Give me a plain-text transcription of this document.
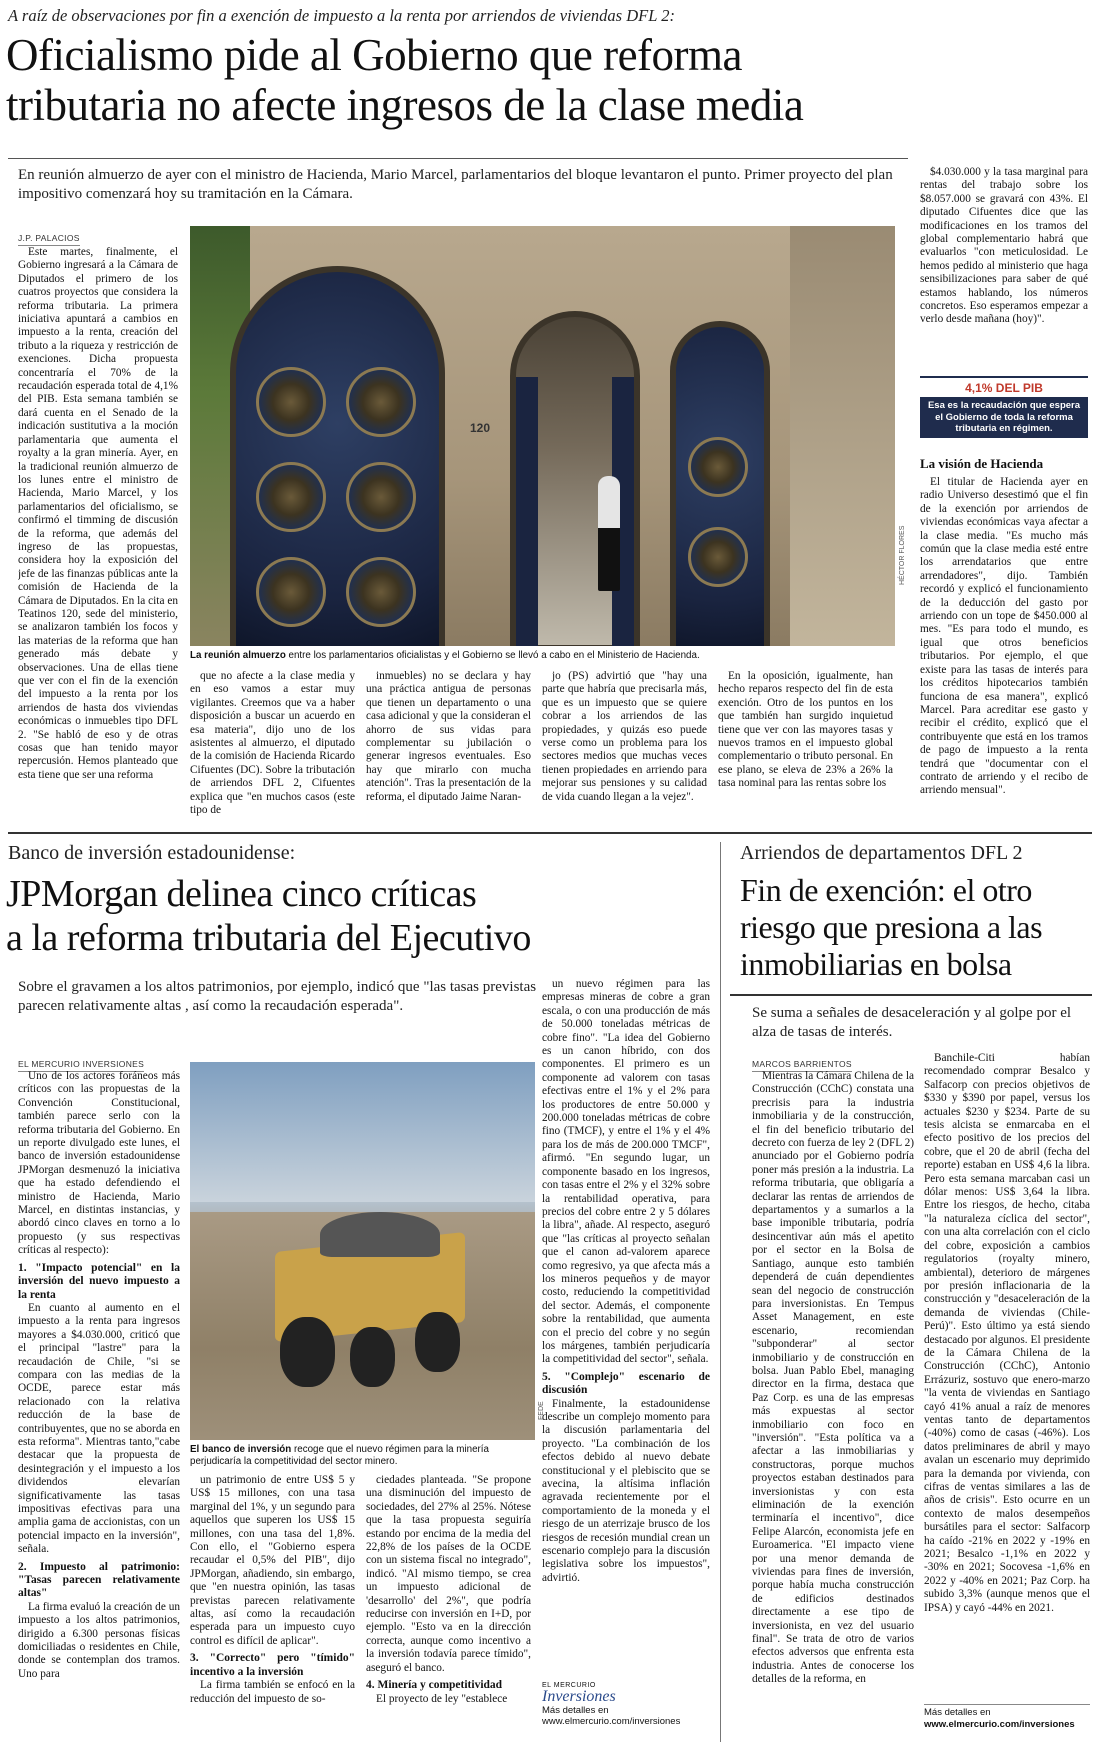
A raíz de observaciones por fin a exención de impuesto a la renta por arriendos de viviendas DFL 2:
Oficialismo pide al Gobierno que reforma
tributaria no afecte ingresos de la clase media
En reunión almuerzo de ayer con el ministro de Hacienda, Mario Marcel, parlamentarios del bloque levantaron el punto. Primer proyecto del plan impositivo comenzará hoy su tramitación en la Cámara.
J.P. PALACIOS
120
HÉCTOR FLORES
La reunión almuerzo entre los parlamentarios oficialistas y el Gobierno se llevó a cabo en el Ministerio de Hacienda.

Este martes, finalmente, el Gobierno ingresará a la Cámara de Diputados el primero de los cuatros proyectos que considera la reforma tributaria. La primera iniciativa apuntará a cambios en impuesto a la renta, creación del tributo a la riqueza y restricción de exenciones. Dicha propuesta concentraría el 70% de la recaudación esperada total de 4,1% del PIB. Esta semana también se dará cuenta en el Senado de la indicación sustitutiva a la moción parlamentaria que aumenta el royalty a la gran minería. Ayer, en la tradicional reunión almuerzo de los lunes entre el ministro de Hacienda, Mario Marcel, y los parlamentarios del oficialismo, se confirmó el timming de discusión de la reforma, que además del ingreso de las propuestas, considera hoy la exposición del jefe de las finanzas públicas ante la comisión de Hacienda de la Cámara de Diputados. En la cita en Teatinos 120, sede del ministerio, se analizaron también los focos y las materias de la reforma que han generado más debate y observaciones. Una de ellas tiene que ver con el fin de la exención del impuesto a la renta por los arriendos de hasta dos viviendas económicas o inmuebles tipo DFL 2. "Se habló de eso y de otras cosas que han tenido mayor repercusión. Hemos planteado que esta tiene que ser una reforma

que no afecte a la clase media y en eso vamos a estar muy vigilantes. Creemos que va a haber disposición a buscar un acuerdo en esa materia", dijo uno de los asistentes al almuerzo, el diputado de la comisión de Hacienda Ricardo Cifuentes (DC). Sobre la tributación de arriendos DFL 2, Cifuentes explica que "en muchos casos (este tipo de

inmuebles) no se declara y hay una práctica antigua de personas que tienen un departamento o una casa adicional y que la consideran el ahorro de sus vidas para complementar su jubilación o generar ingresos eventuales. Eso hay que mirarlo con mucha atención". Tras la presentación de la reforma, el diputado Jaime Naran-

jo (PS) advirtió que "hay una parte que habría que precisarla más, que es un impuesto que se quiere cobrar a los arriendos de las propiedades, y quizás eso puede verse como un problema para los sectores medios que muchas veces tienen propiedades en arriendo para mejorar sus pensiones y su calidad de vida cuando llegan a la vejez".

En la oposición, igualmente, han hecho reparos respecto del fin de esta exención. Otro de los puntos en los que también han surgido inquietud tiene que ver con las mayores tasas y nuevos tramos en el impuesto global complementario o tributo personal. En ese plano, se eleva de 23% a 26% la tasa nominal para las rentas sobre los

$4.030.000 y la tasa marginal para rentas del trabajo sobre los $8.057.000 se gravará con 43%. El diputado Cifuentes dice que las modificaciones en los tramos del global complementario habrá que evaluarlos "con meticulosidad. Le hemos pedido al ministerio que haga sensibilizaciones para saber de qué estamos hablando, los números concretos. Eso esperamos empezar a verlo desde mañana (hoy)".

4,1% DEL PIB
Esa es la recaudación que espera el Gobierno de toda la reforma tributaria en régimen.
La visión de Hacienda

El titular de Hacienda ayer en radio Universo desestimó que el fin de la exención por arriendos de viviendas económicas vaya afectar a la clase media. "Es mucho más común que la clase media esté entre los arrendatarios que entre arrendadores", dijo. También recordó y explicó el funcionamiento de la deducción del gasto por arriendo con un tope de $450.000 al mes. "Es para todo el mundo, es igual que otros beneficios tributarios. Por ejemplo, el que existe para las tasas de interés para los créditos hipotecarios también funciona de esa manera", explicó Marcel. Para acreditar ese gasto y recibir el crédito, explicó que el contribuyente que está en los tramos de pago de impuesto a la renta tendrá que "documentar con el contrato de arriendo y el recibo de arriendo mensual".

Banco de inversión estadounidense:
JPMorgan delinea cinco críticas
a la reforma tributaria del Ejecutivo
Sobre el gravamen a los altos patrimonios, por ejemplo, indicó que "las tasas previstas parecen relativamente altas , así como la recaudación esperada".
EL MERCURIO INVERSIONES
FEDE
El banco de inversión recoge que el nuevo régimen para la minería perjudicaría la competitividad del sector minero.

Uno de los actores foráneos más críticos con las propuestas de la Convención Constitucional, también parece serlo con la reforma tributaria del Gobierno. En un reporte divulgado este lunes, el banco de inversión estadounidense JPMorgan desmenuzó la iniciativa que ha estado defendiendo el ministro de Hacienda, Mario Marcel, en distintas instancias, y abordó cinco claves en torno a lo propuesto (y sus respectivas críticas al respecto):

1. "Impacto potencial" en la inversión del nuevo impuesto a la renta

En cuanto al aumento en el impuesto a la renta para ingresos mayores a $4.030.000, criticó que el principal "lastre" para la recaudación de Chile, "si se compara con las medias de la OCDE, parece estar más relacionado con la relativa reducción de la base de contribuyentes, que no se aborda en esta reforma". Mientras tanto,"cabe destacar que la propuesta de desintegración y el impuesto a los dividendos elevarían significativamente las tasas impositivas efectivas para una amplia gama de accionistas, con un potencial impacto en la inversión", señala.

2. Impuesto al patrimonio: "Tasas parecen relativamente altas"

La firma evaluó la creación de un impuesto a los altos patrimonios, dirigido a 6.300 personas físicas domiciliadas o residentes en Chile, donde se contemplan dos tramos. Uno para

un patrimonio de entre US$ 5 y US$ 15 millones, con una tasa marginal del 1%, y un segundo para aquellos que superen los US$ 15 millones, con una tasa del 1,8%. Con ello, el "Gobierno espera recaudar el 0,5% del PIB", dijo JPMorgan, añadiendo, sin embargo, que "en nuestra opinión, las tasas previstas parecen relativamente altas, así como la recaudación esperada para un impuesto cuyo control es difícil de aplicar".

3. "Correcto" pero "tímido" incentivo a la inversión

La firma también se enfocó en la reducción del impuesto de so-

ciedades planteada. "Se propone una disminución del impuesto de sociedades, del 27% al 25%. Nótese que la tasa propuesta seguiría estando por encima de la media del 22,8% de los países de la OCDE con un sistema fiscal no integrado", indicó. "Al mismo tiempo, se crea un impuesto adicional de 'desarrollo' del 2%", que podría reducirse con inversión en I+D, por ejemplo. "Esto va en la dirección correcta, aunque como incentivo a la inversión todavía parece tímido", aseguró el banco.

4. Minería y competitividad

El proyecto de ley "establece

un nuevo régimen para las empresas mineras de cobre a gran escala, o con una producción de más de 50.000 toneladas métricas de cobre fino". "La idea del Gobierno es un canon híbrido, con dos componentes. El primero es un componente ad valorem con tasas efectivas entre el 1% y el 2% para los productores de entre 50.000 y 200.000 toneladas métricas de cobre fino (TMCF), y entre el 1% y el 4% para los de más de 200.000 TMCF", afirmó. "En segundo lugar, un componente basado en los ingresos, con tasas entre el 2% y el 32% sobre la rentabilidad operativa, para precios del cobre entre 2 y 5 dólares la libra", añade. Al respecto, aseguró que "las críticas al proyecto señalan que el canon ad-valorem aparece como regresivo, ya que afecta más a los mineros pequeños y de mayor costo, reduciendo la competitividad del sector. Además, el componente sobre la rentabilidad, que aumenta con el precio del cobre y no según los márgenes, también perjudicaría la competitividad del sector", señala.

5. "Complejo" escenario de discusión

Finalmente, la estadounidense describe un complejo momento para la discusión parlamentaria del proyecto. "La combinación de los efectos debido al nuevo debate constitucional y el plebiscito que se avecina, la altísima inflación agravada recientemente por el comportamiento de la moneda y el riesgo de un aterrizaje brusco de los riesgos de recesión mundial crean un escenario complejo para la discusión legislativa sobre los impuestos", advirtió.

EL MERCURIO
Inversiones
Más detalles en
www.elmercurio.com/inversiones
Arriendos de departamentos DFL 2
Fin de exención: el otro
riesgo que presiona a las
inmobiliarias en bolsa
Se suma a señales de desaceleración y al golpe por el alza de tasas de interés.
MARCOS BARRIENTOS

Mientras la Cámara Chilena de la Construcción (CChC) constata una precrisis para la industria inmobiliaria y de la construcción, el fin del beneficio tributario del decreto con fuerza de ley 2 (DFL 2) anunciado por el Gobierno podría poner más presión a la industria. La reforma tributaria, que obligaría a declarar las rentas de arriendos de departamentos y a sumarlos a la base imponible tributaria, podría desincentivar aún más el apetito por el sector en la Bolsa de Santiago, aunque esto también dependerá de cuán dependientes sean del negocio de construcción para inversionistas. En Tempus Asset Management, en este escenario, recomiendan "subponderar" al sector inmobiliario y de construcción en bolsa. Juan Pablo Ebel, managing director en la firma, destaca que Paz Corp. es una de las empresas más expuestas al sector inmobiliario con foco en "inversión". "Esta política va a afectar a las inmobiliarias y constructoras, porque muchos proyectos estaban destinados para inversionistas y con esta eliminación de la exención terminaría el incentivo", dice Felipe Alarcón, economista jefe en Euroamerica. "El impacto viene por una menor demanda de viviendas para fines de inversión, porque había mucha construcción de edificios destinados directamente a ese tipo de inversionista, en vez del usuario final". Se trata de otro de varios efectos adversos que enfrenta esta industria. Antes de conocerse los detalles de la reforma, en

Banchile-Citi habían recomendado comprar Besalco y Salfacorp con precios objetivos de $330 y $390 por papel, versus los actuales $230 y $234. Parte de su tesis alcista se enmarcaba en el efecto positivo de los precios del cobre, que el 20 de abril (fecha del reporte) estaban en US$ 4,6 la libra. Pero esta semana marcaban casi un dólar menos: US$ 3,64 la libra. Entre los riesgos, de hecho, citaba "la naturaleza cíclica del sector", con una alta correlación con el ciclo del cobre, exposición a cambios regulatorios (royalty minero, ambiental), deterioro de márgenes por presión inflacionaria de la construcción y "desaceleración de la demanda de viviendas (Chile-Perú)". Esto último ya está siendo destacado por algunos. El presidente de la Cámara Chilena de la Construcción (CChC), Antonio Errázuriz, sostuvo que enero-marzo "la venta de viviendas en Santiago cayó 41% anual a raíz de menores ventas tanto de departamentos (-40%) como de casas (-46%). Los datos preliminares de abril y mayo avalan un escenario muy deprimido para la demanda por vivienda, con cifras de ventas similares a las de años de crisis". Esto ocurre en un contexto de malos desempeños bursátiles para el sector: Salfacorp ha caído -21% en 2022 y -19% en 2021; Besalco -1,1% en 2022 y -30% en 2021; Socovesa -1,6% en 2022 y -40% en 2021; Paz Corp. ha subido 3,3% (aunque menos que el IPSA) y cayó -44% en 2021.

Más detalles en
www.elmercurio.com/inversiones
